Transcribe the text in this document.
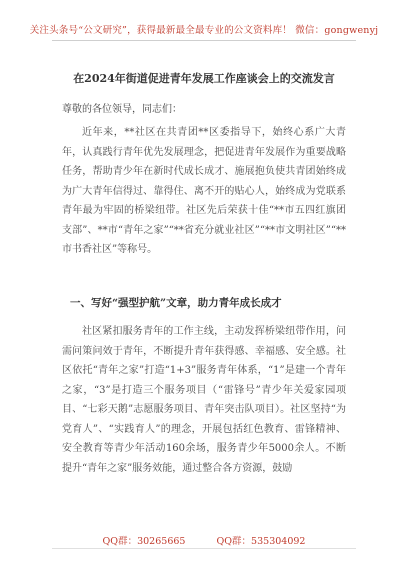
关注头条号“公文研究”，获得最新最全最专业的公文资料库！ 微信：gongwenyj
在2024年街道促进青年发展工作座谈会上的交流发言
尊敬的各位领导，同志们：

近年来，**社区在共青团**区委指导下，始终心系广大青年，认真践行青年优先发展理念，把促进青年发展作为重要战略任务，帮助青少年在新时代成长成才、施展抱负使共青团始终成为广大青年信得过、靠得住、离不开的贴心人，始终成为党联系青年最为牢固的桥梁纽带。社区先后荣获十佳“**市五四红旗团支部”、**市“青年之家”“**省充分就业社区”“**市文明社区”“**市书香社区”等称号。

一、写好“强型护航”文章，助力青年成长成才

社区紧扣服务青年的工作主线，主动发挥桥梁纽带作用，问需问策问效于青年，不断提升青年获得感、幸福感、安全感。社区依托“青年之家”打造“1+3”服务青年体系，“1”是建一个青年之家，“3”是打造三个服务项目（“雷锋号”青少年关爱家园项目、“七彩天鹅”志愿服务项目、青年突击队项目）。社区坚持“为党育人”、“实践育人”的理念，开展包括红色教育、雷锋精神、安全教育等青少年活动160余场，服务青少年5000余人。不断提升“青年之家”服务效能，通过整合各方资源，鼓励

QQ群：30265665	QQ群：535304092
